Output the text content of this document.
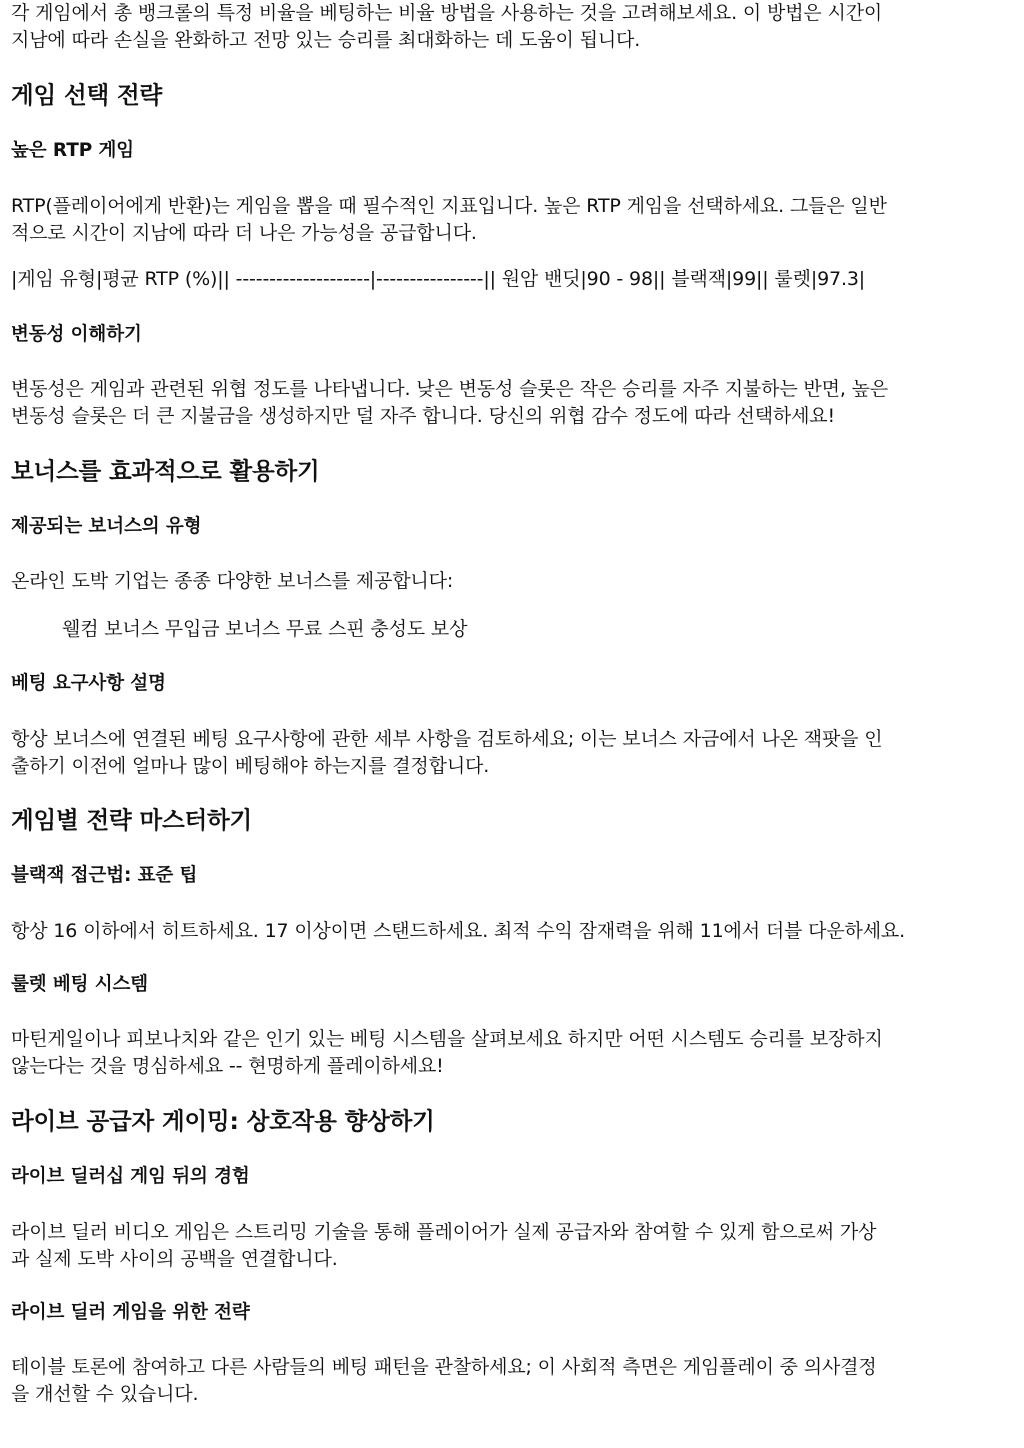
각 게임에서 총 뱅크롤의 특정 비율을 베팅하는 비율 방법을 사용하는 것을 고려해보세요. 이 방법은 시간이
지남에 따라 손실을 완화하고 전망 있는 승리를 최대화하는 데 도움이 됩니다.

게임 선택 전략
높은 RTP 게임

RTP(플레이어에게 반환)는 게임을 뽑을 때 필수적인 지표입니다. 높은 RTP 게임을 선택하세요. 그들은 일반
적으로 시간이 지남에 따라 더 나은 가능성을 공급합니다.

|게임 유형|평균 RTP (%)|| --------------------|----------------|| 원암 밴딧|90 - 98|| 블랙잭|99|| 룰렛|97.3|

변동성 이해하기

변동성은 게임과 관련된 위협 정도를 나타냅니다. 낮은 변동성 슬롯은 작은 승리를 자주 지불하는 반면, 높은
변동성 슬롯은 더 큰 지불금을 생성하지만 덜 자주 합니다. 당신의 위협 감수 정도에 따라 선택하세요!

보너스를 효과적으로 활용하기
제공되는 보너스의 유형

온라인 도박 기업는 종종 다양한 보너스를 제공합니다:

웰컴 보너스 무입금 보너스 무료 스핀 충성도 보상

베팅 요구사항 설명

항상 보너스에 연결된 베팅 요구사항에 관한 세부 사항을 검토하세요; 이는 보너스 자금에서 나온 잭팟을 인
출하기 이전에 얼마나 많이 베팅해야 하는지를 결정합니다.

게임별 전략 마스터하기
블랙잭 접근법: 표준 팁

항상 16 이하에서 히트하세요. 17 이상이면 스탠드하세요. 최적 수익 잠재력을 위해 11에서 더블 다운하세요.

룰렛 베팅 시스템

마틴게일이나 피보나치와 같은 인기 있는 베팅 시스템을 살펴보세요 하지만 어떤 시스템도 승리를 보장하지
않는다는 것을 명심하세요 -- 현명하게 플레이하세요!

라이브 공급자 게이밍: 상호작용 향상하기
라이브 딜러십 게임 뒤의 경험

라이브 딜러 비디오 게임은 스트리밍 기술을 통해 플레이어가 실제 공급자와 참여할 수 있게 함으로써 가상
과 실제 도박 사이의 공백을 연결합니다.

라이브 딜러 게임을 위한 전략

테이블 토론에 참여하고 다른 사람들의 베팅 패턴을 관찰하세요; 이 사회적 측면은 게임플레이 중 의사결정
을 개선할 수 있습니다.
